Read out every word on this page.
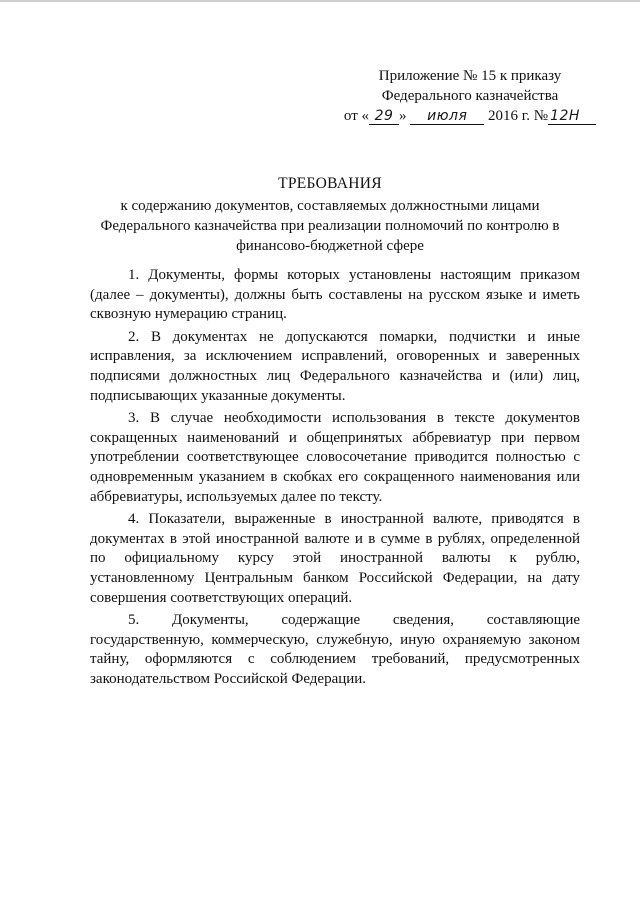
Приложение № 15 к приказу
Федерального казначейства
от « 29 » июля 2016 г. № 12Н
ТРЕБОВАНИЯ
к содержанию документов, составляемых должностными лицами Федерального казначейства при реализации полномочий по контролю в финансово-бюджетной сфере

1. Документы, формы которых установлены настоящим приказом (далее – документы), должны быть составлены на русском языке и иметь сквозную нумерацию страниц.

2. В документах не допускаются помарки, подчистки и иные исправления, за исключением исправлений, оговоренных и заверенных подписями должностных лиц Федерального казначейства и (или) лиц, подписывающих указанные документы.

3. В случае необходимости использования в тексте документов сокращенных наименований и общепринятых аббревиатур при первом употреблении соответствующее словосочетание приводится полностью с одновременным указанием в скобках его сокращенного наименования или аббревиатуры, используемых далее по тексту.

4. Показатели, выраженные в иностранной валюте, приводятся в документах в этой иностранной валюте и в сумме в рублях, определенной по официальному курсу этой иностранной валюты к рублю, установленному Центральным банком Российской Федерации, на дату совершения соответствующих операций.

5. Документы, содержащие сведения, составляющие государственную, коммерческую, служебную, иную охраняемую законом тайну, оформляются с соблюдением требований, предусмотренных законодательством Российской Федерации.
